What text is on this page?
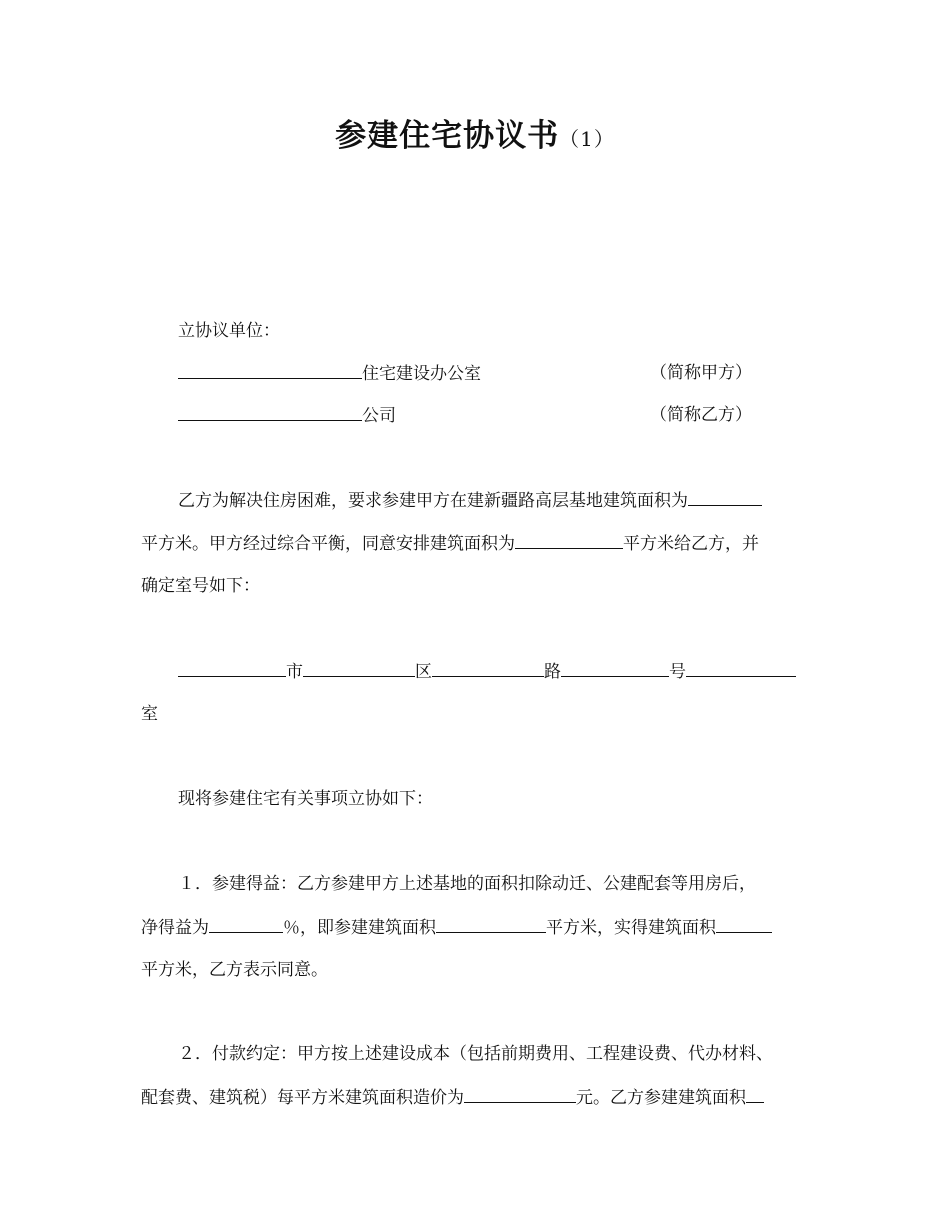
参建住宅协议书（1）
立协议单位：
住宅建设办公室	（简称甲方）
公司	（简称乙方）
乙方为解决住房困难，要求参建甲方在建新疆路高层基地建筑面积为
平方米。甲方经过综合平衡，同意安排建筑面积为	平方米给乙方，并
确定室号如下：
市	区	路	号
室
现将参建住宅有关事项立协如下：
１．参建得益：乙方参建甲方上述基地的面积扣除动迁、公建配套等用房后，
净得益为	％，即参建建筑面积	平方米，实得建筑面积
平方米，乙方表示同意。
２．付款约定：甲方按上述建设成本（包括前期费用、工程建设费、代办材料、
配套费、建筑税）每平方米建筑面积造价为	元。乙方参建建筑面积
